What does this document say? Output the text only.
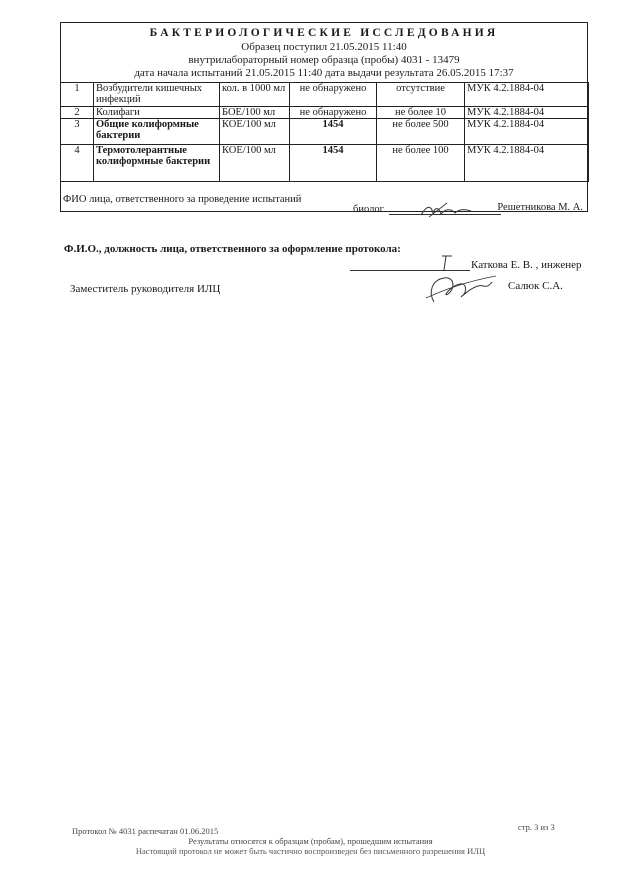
БАКТЕРИОЛОГИЧЕСКИЕ ИССЛЕДОВАНИЯ
Образец поступил 21.05.2015 11:40
внутрилабораторный номер образца (пробы) 4031 - 13479
дата начала испытаний 21.05.2015 11:40 дата выдачи результата 26.05.2015 17:37
1	Возбудители кишечных инфекций	кол. в 1000 мл	не обнаружено	отсутствие	МУК 4.2.1884-04
2	Колифаги	БОЕ/100 мл	не обнаружено	не более 10	МУК 4.2.1884-04
3	Общие колиформные бактерии	КОЕ/100 мл	1454	не более 500	МУК 4.2.1884-04
4	Термотолерантные колиформные бактерии	КОЕ/100 мл	1454	не более 100	МУК 4.2.1884-04
ФИО лица, ответственного за проведение испытаний
биолог	Решетникова М. А.
Ф.И.О., должность лица, ответственного за оформление протокола:
Каткова Е. В. , инженер
Заместитель руководителя ИЛЦ	Салюк С.А.
Протокол № 4031 распечатан 01.06.2015	стр. 3 из 3
Результаты относятся к образцам (пробам), прошедшим испытания
Настоящий протокол не может быть частично воспроизведен без письменного разрешения ИЛЦ
